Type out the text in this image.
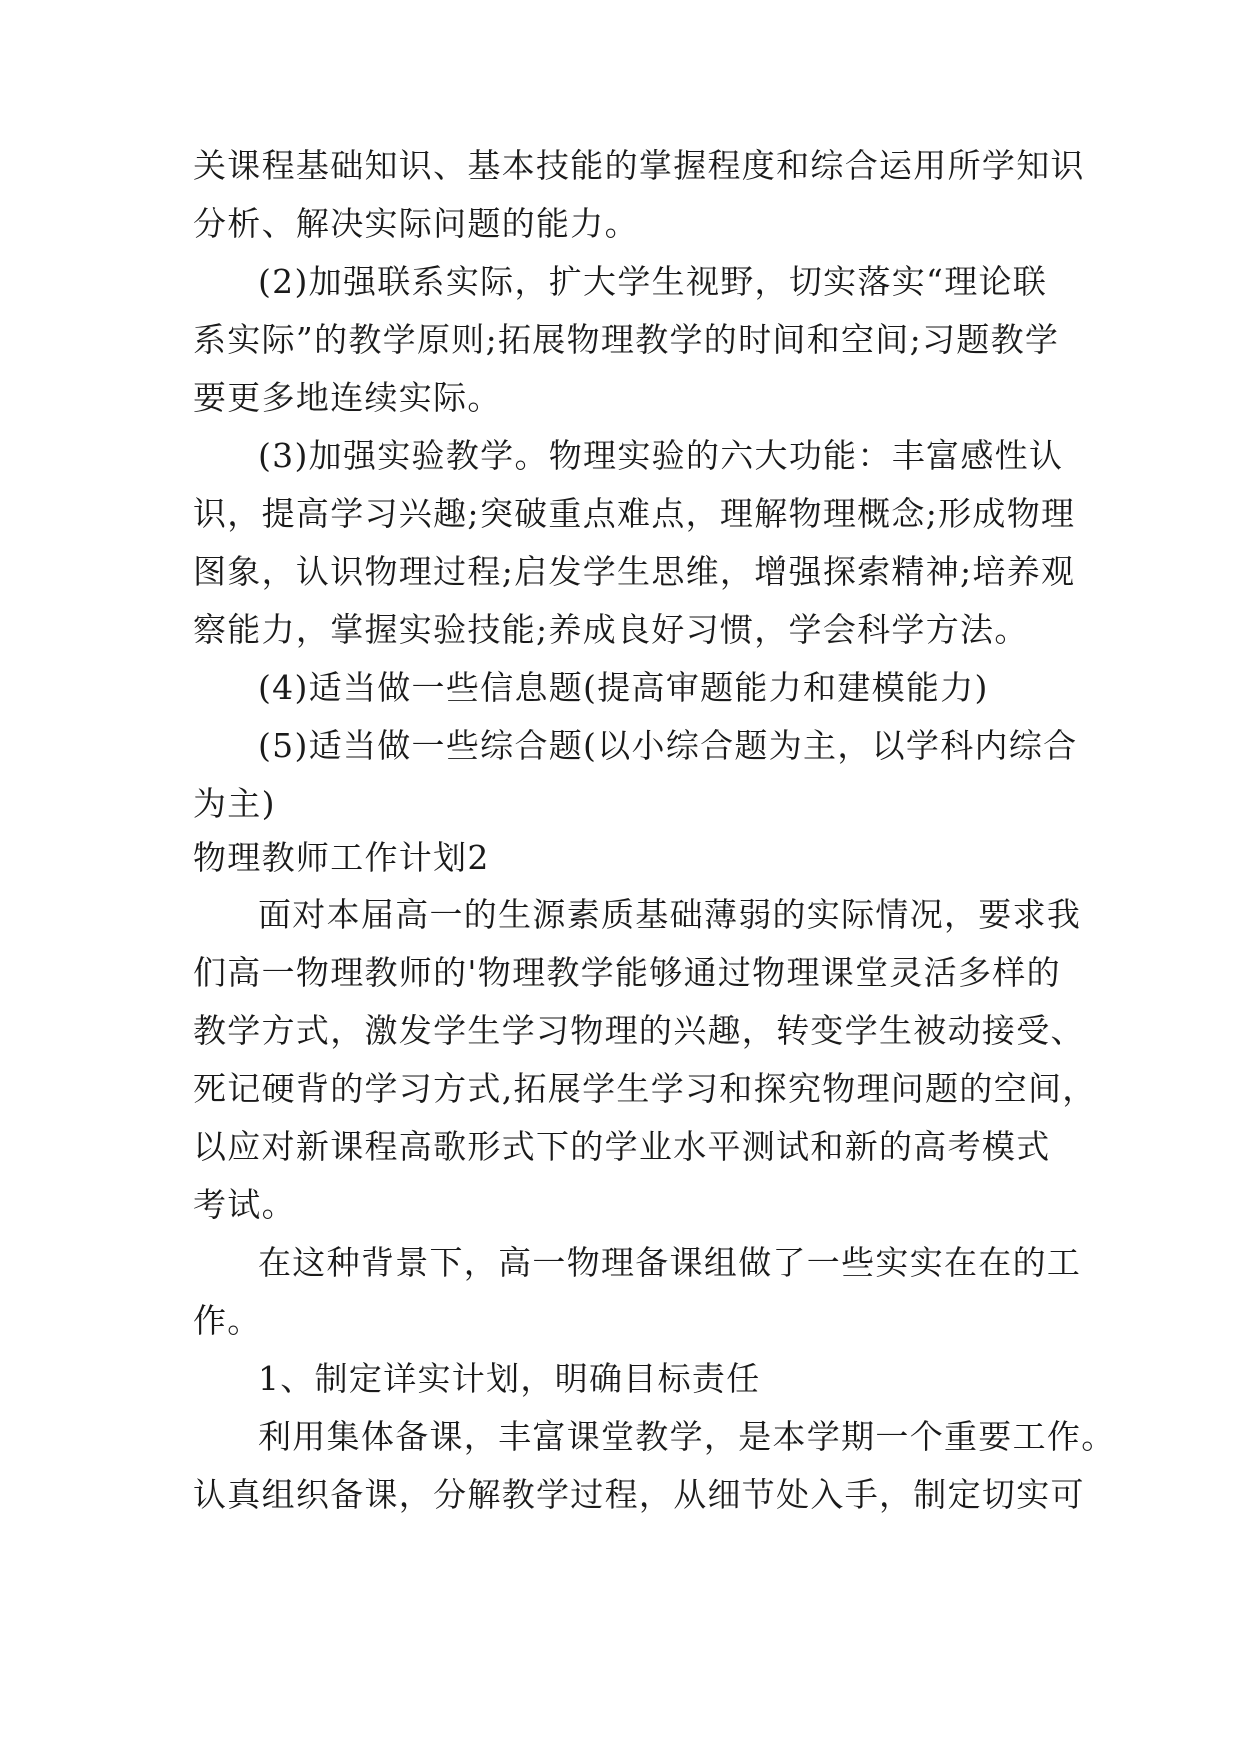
关课程基础知识、基本技能的掌握程度和综合运用所学知识
分析、解决实际问题的能力。
(2)加强联系实际，扩大学生视野，切实落实“理论联
系实际”的教学原则;拓展物理教学的时间和空间;习题教学
要更多地连续实际。
(3)加强实验教学。物理实验的六大功能：丰富感性认
识，提高学习兴趣;突破重点难点，理解物理概念;形成物理
图象，认识物理过程;启发学生思维，增强探索精神;培养观
察能力，掌握实验技能;养成良好习惯，学会科学方法。
(4)适当做一些信息题(提高审题能力和建模能力)
(5)适当做一些综合题(以小综合题为主，以学科内综合
为主)
物理教师工作计划2
面对本届高一的生源素质基础薄弱的实际情况，要求我
们高一物理教师的'物理教学能够通过物理课堂灵活多样的
教学方式，激发学生学习物理的兴趣，转变学生被动接受、
死记硬背的学习方式,拓展学生学习和探究物理问题的空间，
以应对新课程高歌形式下的学业水平测试和新的高考模式
考试。
在这种背景下，高一物理备课组做了一些实实在在的工
作。
1、制定详实计划，明确目标责任
利用集体备课，丰富课堂教学，是本学期一个重要工作。
认真组织备课，分解教学过程，从细节处入手，制定切实可
